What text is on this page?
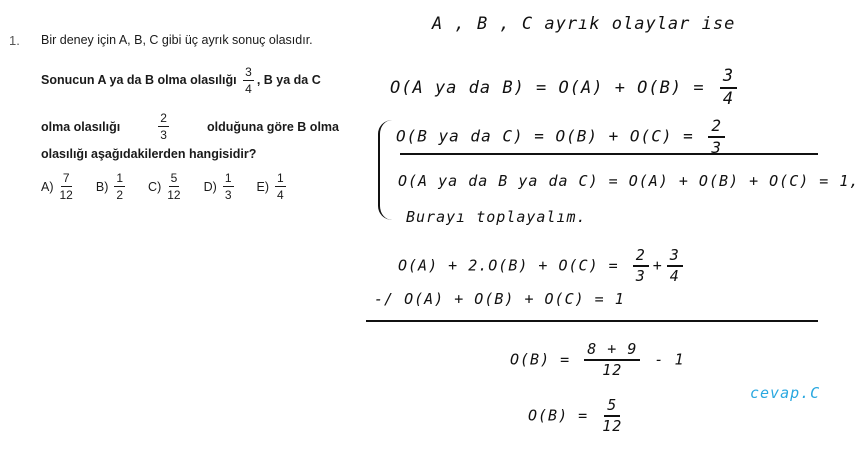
1. Bir deney için A, B, C gibi üç ayrık sonuç olasıdır.
Sonucun A ya da B olma olasılığı $\frac{3}{4}$ , B ya da C
olma olasılığı	$\frac{2}{3}$	olduğuna göre B olma
olasılığı aşağıdakilerden hangisidir?
$A) \frac{7}{12} B) \frac{1}{2} C) \frac{5}{12} D) \frac{1}{3} E) \frac{1}{4}$
A , B , C ayrık olaylar ise
O(A ya da $B) = O(A) + O(B) = \frac{3}{4}$
O(B ya da $C) = O(B) + O(C) = \frac{2}{3}$
O(A ya da B ya da C) = O(A) + O(B) + O(C) = 1,
Burayı toplayalım.
$O(A) + 2.O(B) + O(C) = \frac{2}{3} + \frac{3}{4}$
-/ O(A) + O(B) + O(C) = 1
$O(B) = \frac{8 + 9}{12} - 1$
$O(B) = \frac{5}{12}$
cevap.C
